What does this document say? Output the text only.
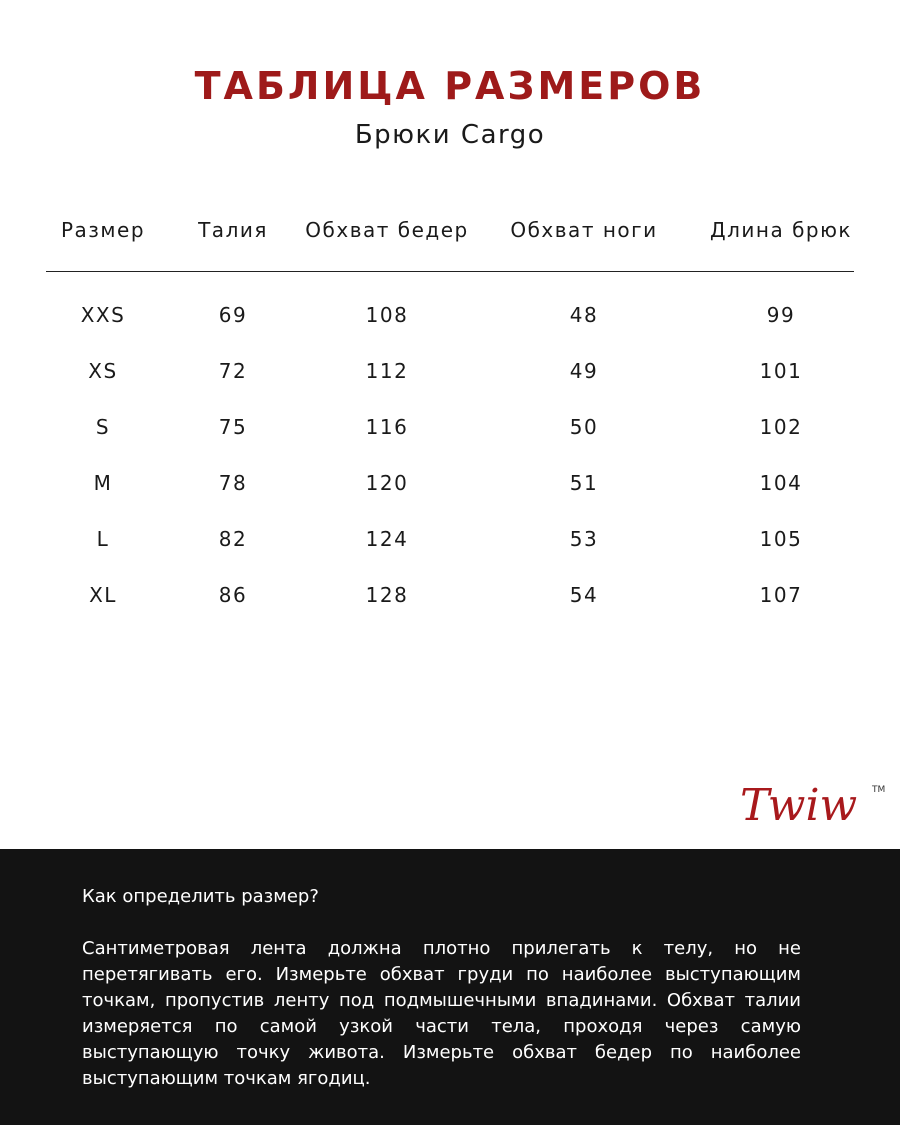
ТАБЛИЦА РАЗМЕРОВ
Брюки Cargo
Размер	Талия	Обхват бедер	Обхват ноги	Длина брюк
XXS	69	108	48	99
XS	72	112	49	101
S	75	116	50	102
M	78	120	51	104
L	82	124	53	105
XL	86	128	54	107
Twiw TM
Как определить размер?
Сантиметровая лента должна плотно прилегать к телу, но не перетягивать его. Измерьте обхват груди по наиболее выступающим точкам, пропустив ленту под подмышечными впадинами. Обхват талии измеряется по самой узкой части тела, проходя через самую выступающую точку живота. Измерьте обхват бедер по наиболее выступающим точкам ягодиц.
